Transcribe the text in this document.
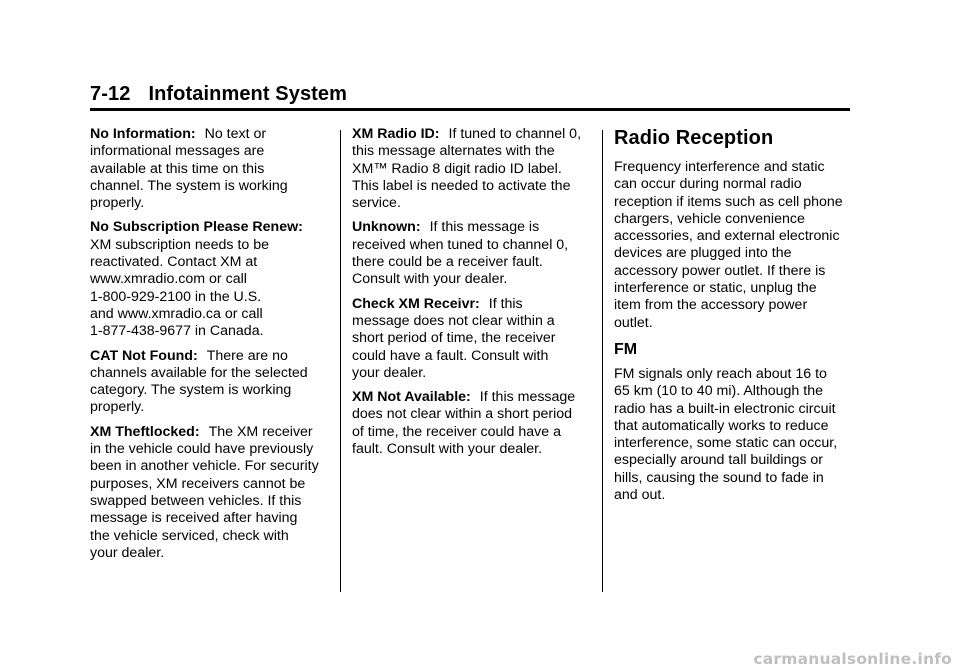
7-12 Infotainment System
No Information: No text or
informational messages are
available at this time on this
channel. The system is working
properly.
No Subscription Please Renew:
XM subscription needs to be
reactivated. Contact XM at
www.xmradio.com or call
1-800-929-2100 in the U.S.
and www.xmradio.ca or call
1-877-438-9677 in Canada.
CAT Not Found: There are no
channels available for the selected
category. The system is working
properly.
XM Theftlocked: The XM receiver
in the vehicle could have previously
been in another vehicle. For security
purposes, XM receivers cannot be
swapped between vehicles. If this
message is received after having
the vehicle serviced, check with
your dealer.
XM Radio ID: If tuned to channel 0,
this message alternates with the
XM™ Radio 8 digit radio ID label.
This label is needed to activate the
service.
Unknown: If this message is
received when tuned to channel 0,
there could be a receiver fault.
Consult with your dealer.
Check XM Receivr: If this
message does not clear within a
short period of time, the receiver
could have a fault. Consult with
your dealer.
XM Not Available: If this message
does not clear within a short period
of time, the receiver could have a
fault. Consult with your dealer.
Radio Reception
Frequency interference and static
can occur during normal radio
reception if items such as cell phone
chargers, vehicle convenience
accessories, and external electronic
devices are plugged into the
accessory power outlet. If there is
interference or static, unplug the
item from the accessory power
outlet.
FM
FM signals only reach about 16 to
65 km (10 to 40 mi). Although the
radio has a built-in electronic circuit
that automatically works to reduce
interference, some static can occur,
especially around tall buildings or
hills, causing the sound to fade in
and out.
carmanualsonline.info
